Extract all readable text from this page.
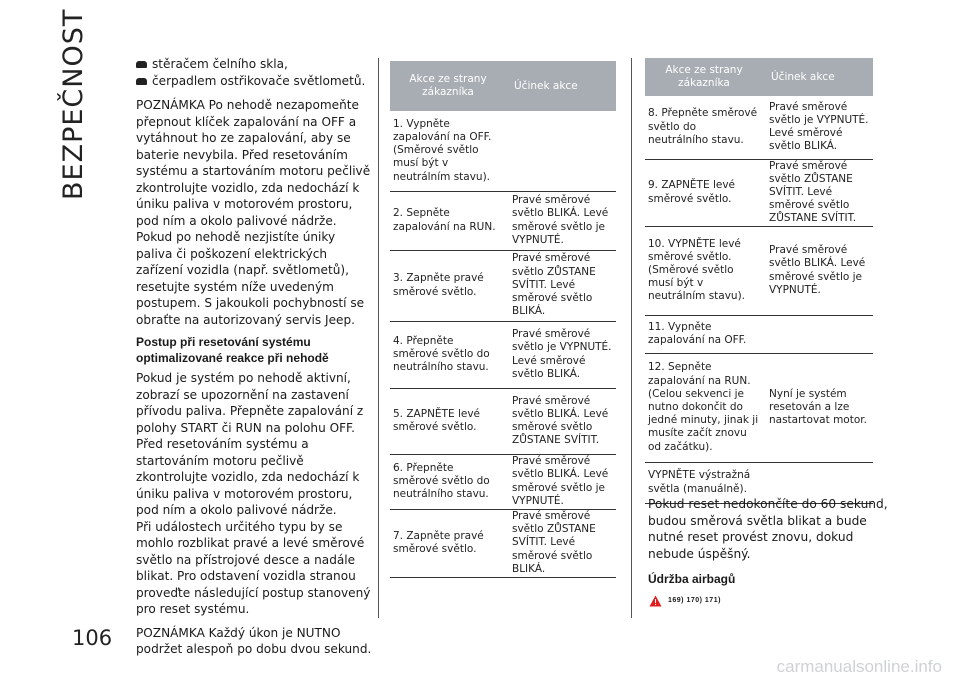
BEZPEČNOST
106
stěračem čelního skla,
čerpadlem ostřikovače světlometů.

POZNÁMKA Po nehodě nezapomeňte přepnout klíček zapalování na OFF a vytáhnout ho ze zapalování, aby se baterie nevybila. Před resetováním systému a startováním motoru pečlivě zkontrolujte vozidlo, zda nedochází k úniku paliva v motorovém prostoru, pod ním a okolo palivové nádrže. Pokud po nehodě nezjistíte úniky paliva či poškození elektrických zařízení vozidla (např. světlometů), resetujte systém níže uvedeným postupem. S jakoukoli pochybností se obraťte na autorizovaný servis Jeep.

Postup při resetování systému optimalizované reakce při nehodě

Pokud je systém po nehodě aktivní, zobrazí se upozornění na zastavení přívodu paliva. Přepněte zapalování z polohy START či RUN na polohu OFF. Před resetováním systému a startováním motoru pečlivě zkontrolujte vozidlo, zda nedochází k úniku paliva v motorovém prostoru, pod ním a okolo palivové nádrže.

Při událostech určitého typu by se mohlo rozblikat pravé a levé směrové světlo na přístrojové desce a nadále blikat. Pro odstavení vozidla stranou proveďte následující postup stanovený pro reset systému.

POZNÁMKA Každý úkon je NUTNO podržet alespoň po dobu dvou sekund.

Akce ze strany zákazníka	Účinek akce
1. Vypněte zapalování na OFF. (Směrové světlo musí být v neutrálním stavu).	
2. Sepněte zapalování na RUN.	Pravé směrové světlo BLIKÁ. Levé směrové světlo je VYPNUTÉ.
3. Zapněte pravé směrové světlo.	Pravé směrové světlo ZŮSTANE SVÍTIT. Levé směrové světlo BLIKÁ.
4. Přepněte směrové světlo do neutrálního stavu.	Pravé směrové světlo je VYPNUTÉ. Levé směrové světlo BLIKÁ.
5. ZAPNĚTE levé směrové světlo.	Pravé směrové světlo BLIKÁ. Levé směrové světlo ZŮSTANE SVÍTIT.
6. Přepněte směrové světlo do neutrálního stavu.	Pravé směrové světlo BLIKÁ. Levé směrové světlo je VYPNUTÉ.
7. Zapněte pravé směrové světlo.	Pravé směrové světlo ZŮSTANE SVÍTIT. Levé směrové světlo BLIKÁ.
Akce ze strany zákazníka	Účinek akce
8. Přepněte směrové světlo do neutrálního stavu.	Pravé směrové světlo je VYPNUTÉ. Levé směrové světlo BLIKÁ.
9. ZAPNĚTE levé směrové světlo.	Pravé směrové světlo ZŮSTANE SVÍTIT. Levé směrové světlo ZŮSTANE SVÍTIT.
10. VYPNĚTE levé směrové světlo. (Směrové světlo musí být v neutrálním stavu).	Pravé směrové světlo BLIKÁ. Levé směrové světlo je VYPNUTÉ.
11. Vypněte zapalování na OFF.	
12. Sepněte zapalování na RUN. (Celou sekvenci je nutno dokončit do jedné minuty, jinak ji musíte začít znovu od začátku).	Nyní je systém resetován a lze nastartovat motor.
VYPNĚTE výstražná světla (manuálně).	

Pokud reset nedokončíte do 60 sekund, budou směrová světla blikat a bude nutné reset provést znovu, dokud nebude úspěšný.

Údržba airbagů
169) 170) 171)
carmanualsonline.info
